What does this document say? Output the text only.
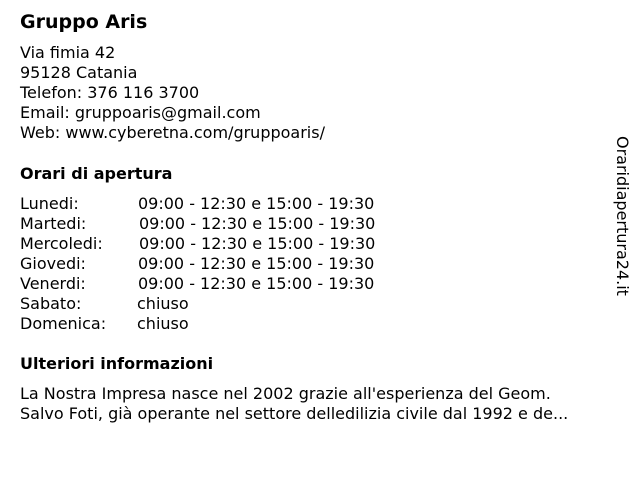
Gruppo Aris
Via fimia 42
95128 Catania
Telefon: 376 116 3700
Email: gruppoaris@gmail.com
Web: www.cyberetna.com/gruppoaris/
Orari di apertura
Lunedi:	09:00 - 12:30 e 15:00 - 19:30
Martedi:	09:00 - 12:30 e 15:00 - 19:30
Mercoledi: 09:00 - 12:30 e 15:00 - 19:30
Giovedi:	09:00 - 12:30 e 15:00 - 19:30
Venerdi:	09:00 - 12:30 e 15:00 - 19:30
Sabato:	chiuso
Domenica: chiuso
Ulteriori informazioni
La Nostra Impresa nasce nel 2002 grazie all'esperienza del Geom.
Salvo Foti, già operante nel settore delledilizia civile dal 1992 e de...
Oraridiapertura24.it
